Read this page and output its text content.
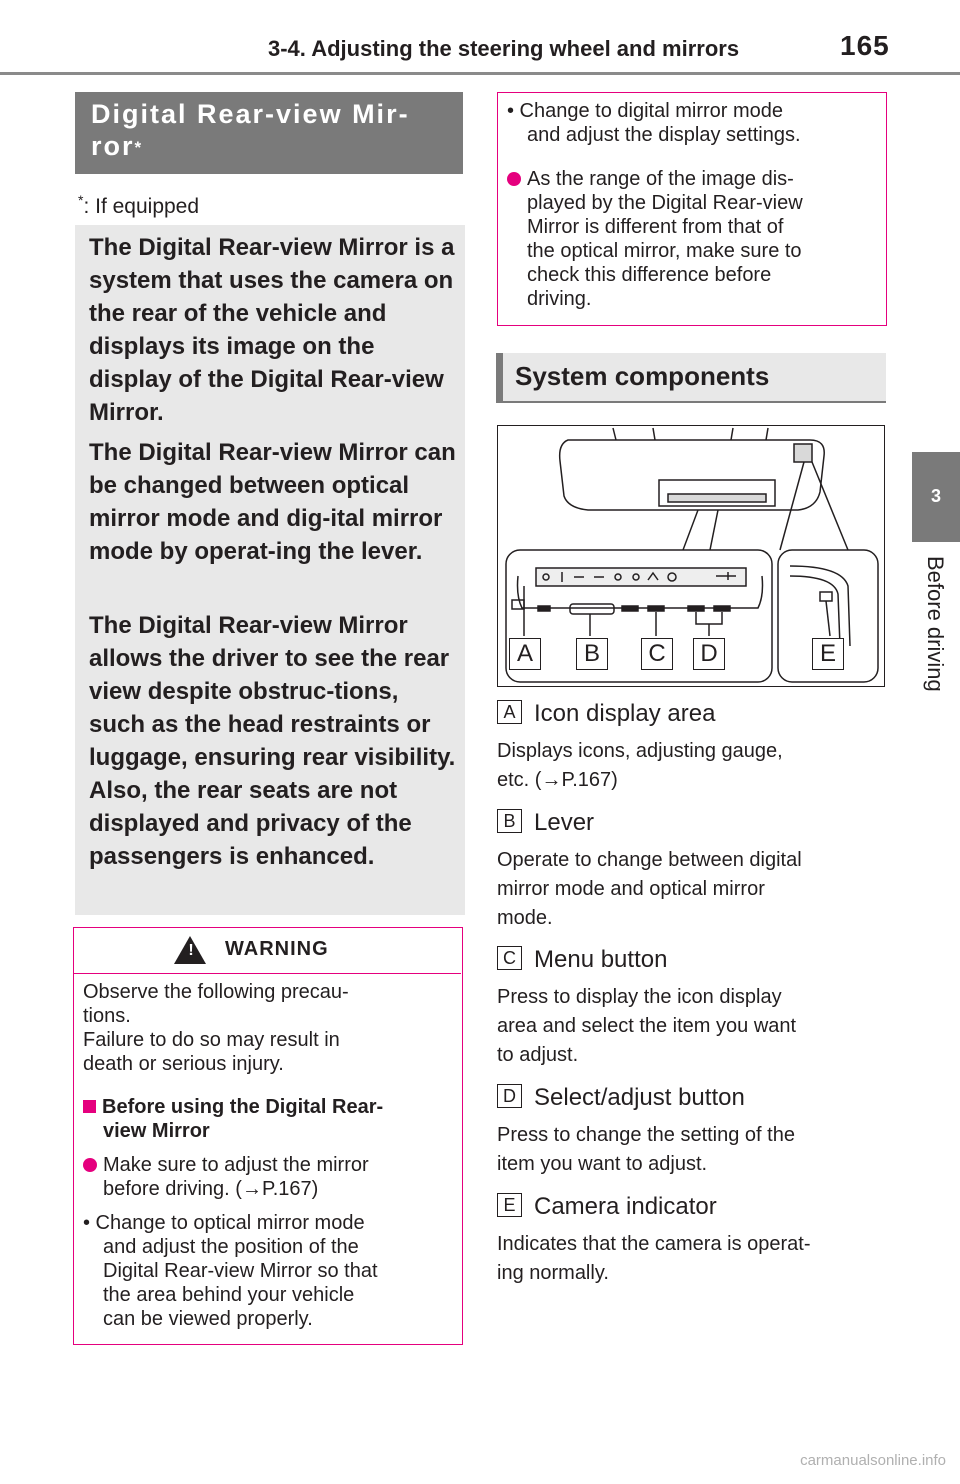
3-4. Adjusting the steering wheel and mirrors	165
3
Before driving
Digital Rear-view Mir-
ror*
*: If equipped
The Digital Rear-view Mirror is a system that uses the camera on the rear of the vehicle and displays its image on the display of the Digital Rear-view Mirror.
The Digital Rear-view Mirror can be changed between optical mirror mode and dig-ital mirror mode by operat-ing the lever.
The Digital Rear-view Mirror allows the driver to see the rear view despite obstruc-tions, such as the head restraints or luggage, ensuring rear visibility. Also, the rear seats are not displayed and privacy of the passengers is enhanced.
! WARNING
Observe the following precau-
tions.
Failure to do so may result in
death or serious injury.
Before using the Digital Rear-
view Mirror
Make sure to adjust the mirror
before driving. (→P.167)
• Change to optical mirror mode
and adjust the position of the
Digital Rear-view Mirror so that
the area behind your vehicle
can be viewed properly.
• Change to digital mirror mode
and adjust the display settings.
As the range of the image dis-
played by the Digital Rear-view
Mirror is different from that of
the optical mirror, make sure to
check this difference before
driving.
System components
A	B	C	D	E
A Icon display area
Displays icons, adjusting gauge,
etc. (→P.167)
B Lever
Operate to change between digital
mirror mode and optical mirror
mode.
C Menu button
Press to display the icon display
area and select the item you want
to adjust.
D Select/adjust button
Press to change the setting of the
item you want to adjust.
E Camera indicator
Indicates that the camera is operat-
ing normally.
carmanualsonline.info
